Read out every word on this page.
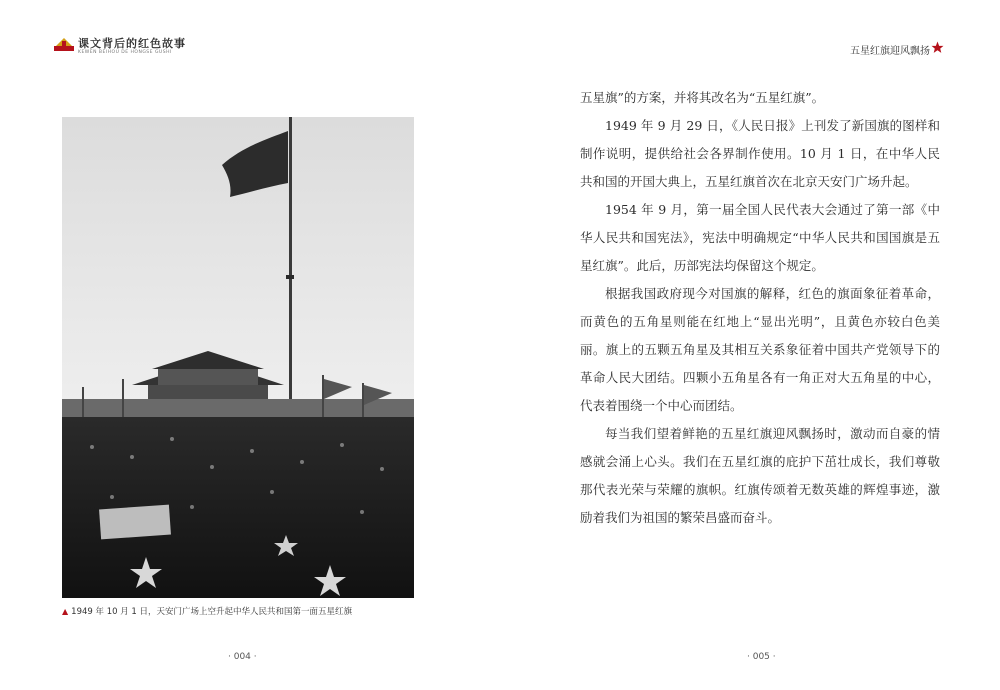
课文背后的红色故事
KEWEN BEIHOU DE HONGSE GUSHI
▲ 1949 年 10 月 1 日，天安门广场上空升起中华人民共和国第一面五星红旗
· 004 ·
五星红旗迎风飘扬

五星旗”的方案，并将其改名为“五星红旗”。

1949 年 9 月 29 日，《人民日报》上刊发了新国旗的图样和制作说明，提供给社会各界制作使用。10 月 1 日，在中华人民共和国的开国大典上，五星红旗首次在北京天安门广场升起。

1954 年 9 月，第一届全国人民代表大会通过了第一部《中华人民共和国宪法》，宪法中明确规定“中华人民共和国国旗是五星红旗”。此后，历部宪法均保留这个规定。

根据我国政府现今对国旗的解释，红色的旗面象征着革命，而黄色的五角星则能在红地上“显出光明”，且黄色亦较白色美丽。旗上的五颗五角星及其相互关系象征着中国共产党领导下的革命人民大团结。四颗小五角星各有一角正对大五角星的中心，代表着围绕一个中心而团结。

每当我们望着鲜艳的五星红旗迎风飘扬时，激动而自豪的情感就会涌上心头。我们在五星红旗的庇护下茁壮成长，我们尊敬那代表光荣与荣耀的旗帜。红旗传颂着无数英雄的辉煌事迹，激励着我们为祖国的繁荣昌盛而奋斗。

· 005 ·
